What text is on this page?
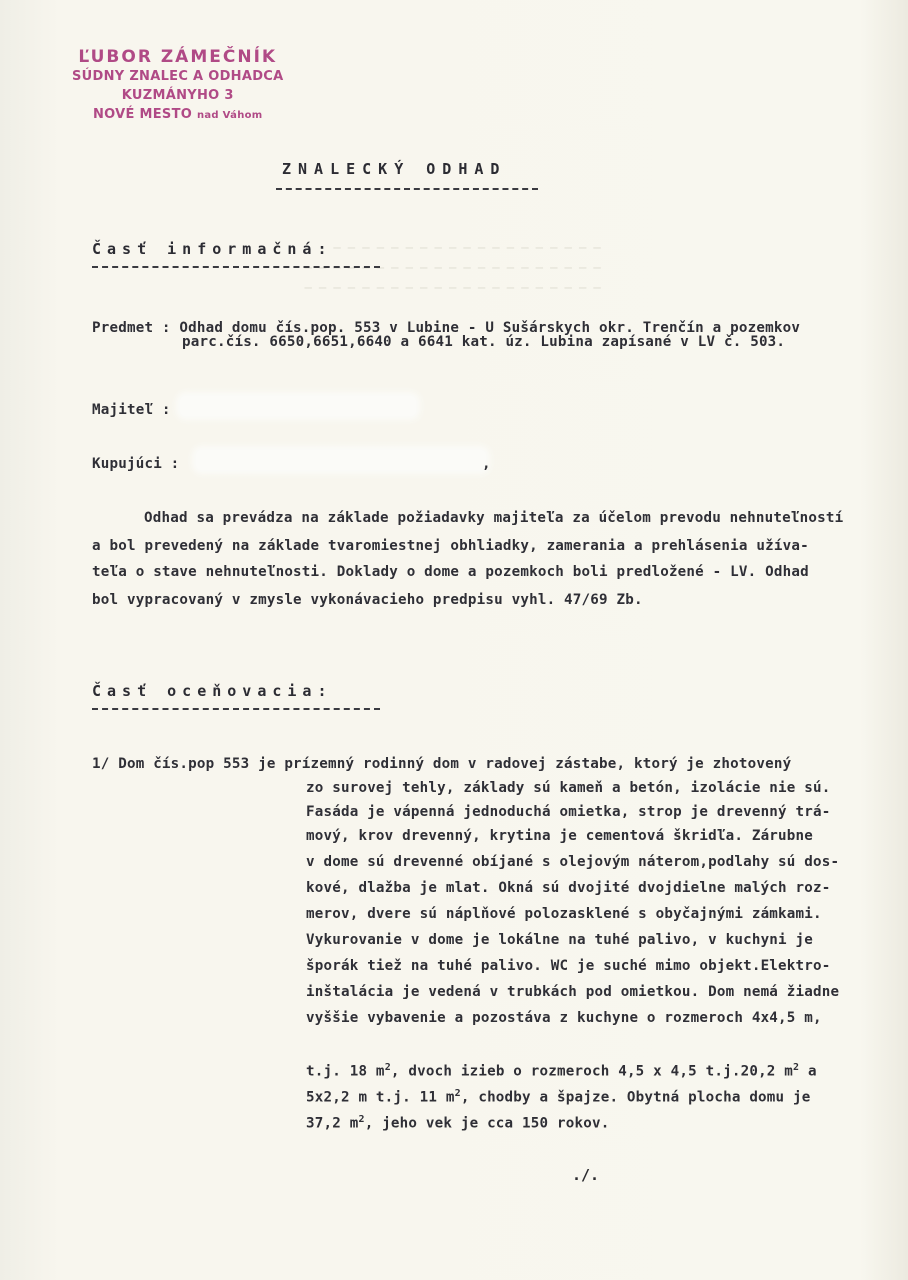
─ ─ ─ ─ ─ ─ ─ ─ ─ ─ ─ ─ ─ ─ ─ ─ ─ ─ ─
─ ─ ─ ─ ─ ─ ─ ─ ─ ─ ─ ─ ─ ─ ─ ─ ─ ─ ─ ─ ─
─ ─ ─ ─ ─ ─ ─ ─ ─ ─ ─ ─ ─ ─ ─ ─ ─ ─ ─ ─ ─

ĽUBOR ZÁMEČNÍK
SÚDNY ZNALEC A ODHADCA
KUZMÁNYHO 3
NOVÉ MESTO nad Váhom
ZNALECKÝ ODHAD
Časť informačná:
Predmet : Odhad domu čís.pop. 553 v Lubine - U Sušárskych okr. Trenčín a pozemkov
parc.čís. 6650,6651,6640 a 6641 kat. úz. Lubina zapísané v LV č. 503.
Majiteľ :
Kupujúci :	,
Odhad sa prevádza na základe požiadavky majiteľa za účelom prevodu nehnuteľností
a bol prevedený na základe tvaromiestnej obhliadky, zamerania a prehlásenia užíva-
teľa o stave nehnuteľnosti. Doklady o dome a pozemkoch boli predložené - LV. Odhad
bol vypracovaný v zmysle vykonávacieho predpisu vyhl. 47/69 Zb.
Časť oceňovacia:
1/ Dom čís.pop 553 je prízemný rodinný dom v radovej zástabe, ktorý je zhotovený
zo surovej tehly, základy sú kameň a betón, izolácie nie sú.
Fasáda je vápenná jednoduchá omietka, strop je drevenný trá-
mový, krov drevenný, krytina je cementová škridľa. Zárubne
v dome sú drevenné obíjané s olejovým náterom,podlahy sú dos-
kové, dlažba je mlat. Okná sú dvojité dvojdielne malých roz-
merov, dvere sú náplňové polozasklené s obyčajnými zámkami.
Vykurovanie v dome je lokálne na tuhé palivo, v kuchyni je
šporák tiež na tuhé palivo. WC je suché mimo objekt.Elektro-
inštalácia je vedená v trubkách pod omietkou. Dom nemá žiadne
vyššie vybavenie a pozostáva z kuchyne o rozmeroch 4x4,5 m,
t.j. 18 $m^2$, dvoch izieb o rozmeroch 4,5 x 4,5 t.j.20,2 $m^2$ a
5x2,2 m t.j. 11 $m^2$, chodby a špajze. Obytná plocha domu je
37,2 $m^2$, jeho vek je cca 150 rokov.
./.
